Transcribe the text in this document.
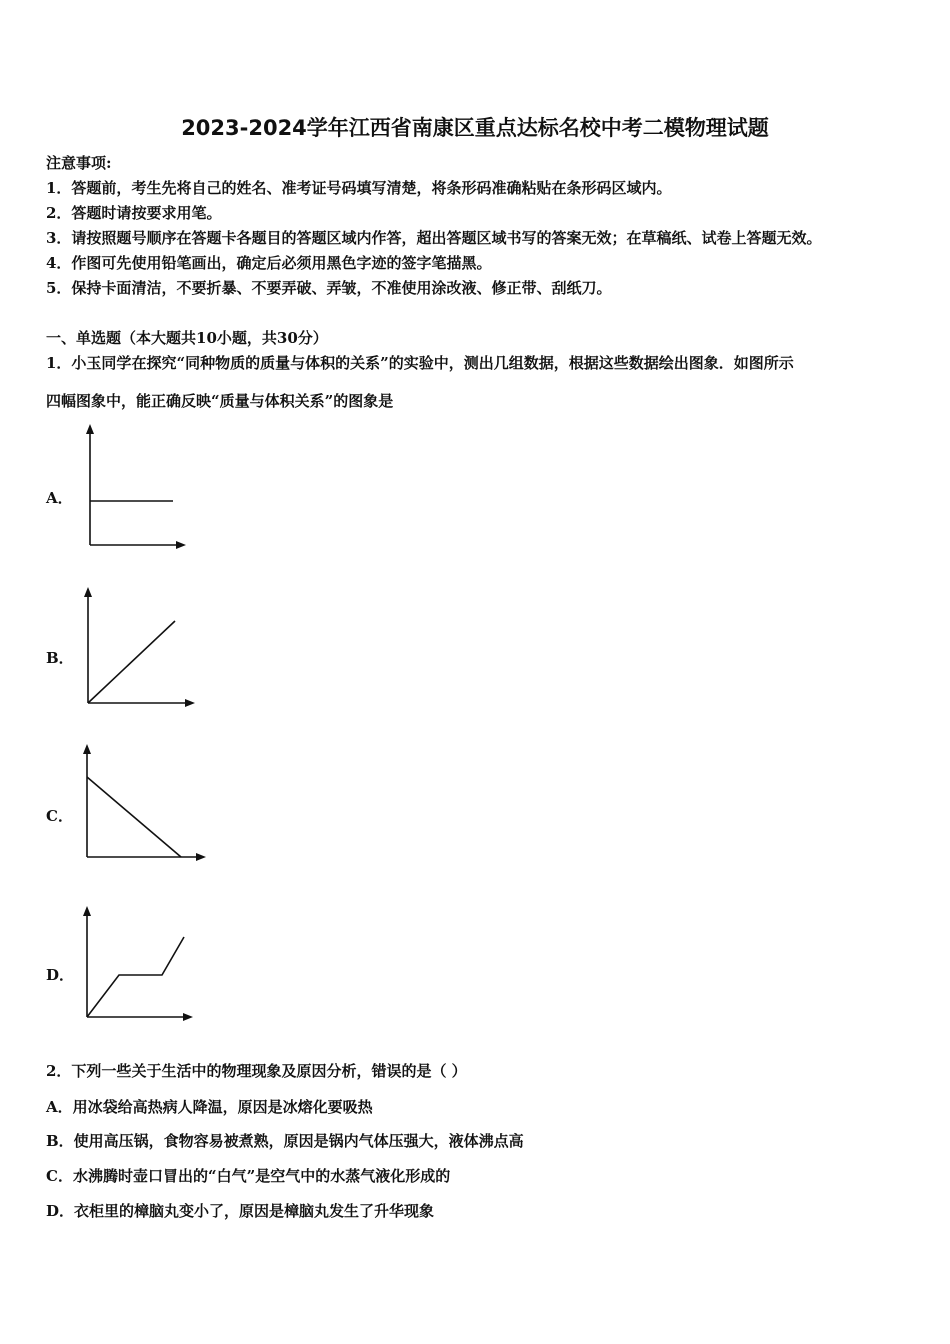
2023-2024学年江西省南康区重点达标名校中考二模物理试题
注意事项:
1．答题前，考生先将自己的姓名、准考证号码填写清楚，将条形码准确粘贴在条形码区域内。
2．答题时请按要求用笔。
3．请按照题号顺序在答题卡各题目的答题区域内作答，超出答题区域书写的答案无效；在草稿纸、试卷上答题无效。
4．作图可先使用铅笔画出，确定后必须用黑色字迹的签字笔描黑。
5．保持卡面清洁，不要折暴、不要弄破、弄皱，不准使用涂改液、修正带、刮纸刀。
一、单选题（本大题共10小题，共30分）
1．小玉同学在探究“同种物质的质量与体积的关系”的实验中，测出几组数据，根据这些数据绘出图象．如图所示
四幅图象中，能正确反映“质量与体积关系”的图象是
A．
B．
C．
D．
2．下列一些关于生活中的物理现象及原因分析，错误的是（ ）
A．用冰袋给高热病人降温，原因是冰熔化要吸热
B．使用高压锅，食物容易被煮熟，原因是锅内气体压强大，液体沸点高
C．水沸腾时壶口冒出的“白气”是空气中的水蒸气液化形成的
D．衣柜里的樟脑丸变小了，原因是樟脑丸发生了升华现象
